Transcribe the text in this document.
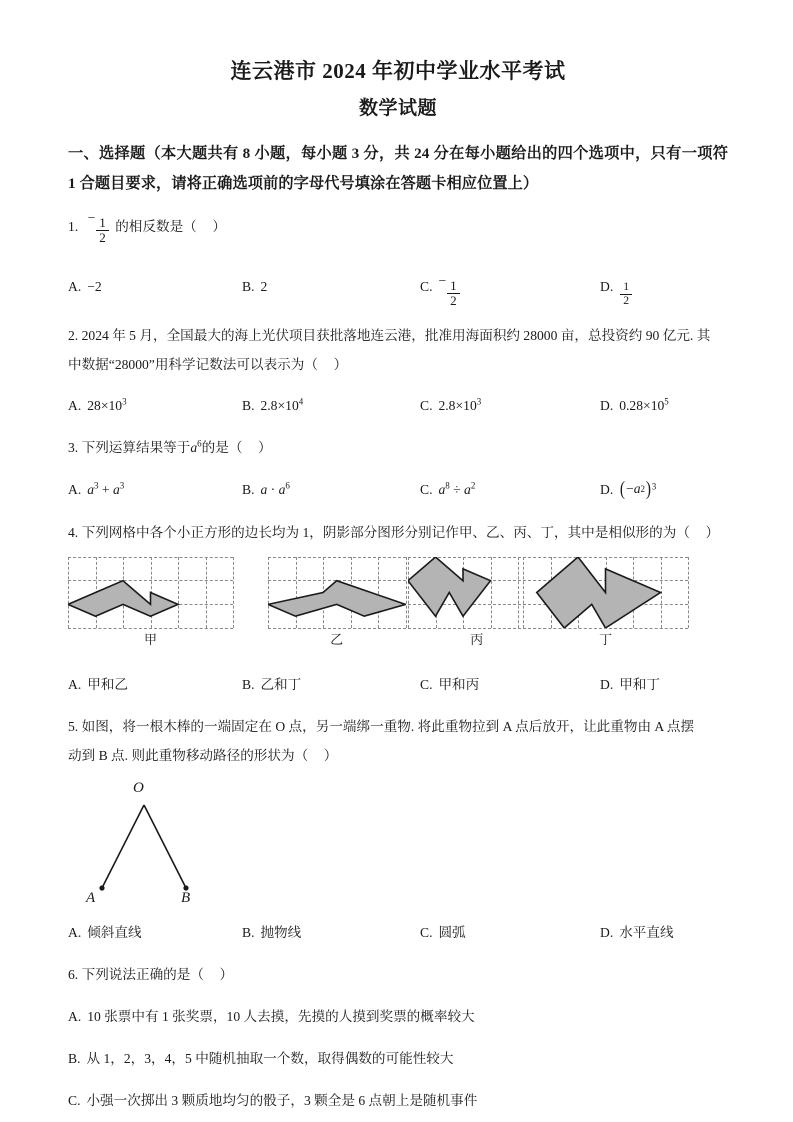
连云港市 2024 年初中学业水平考试
数学试题
一、选择题（本大题共有 8 小题，每小题 3 分，共 24 分在每小题给出的四个选项中，只有一项符 1 合题目要求，请将正确选项前的字母代号填涂在答题卡相应位置上）
1. − $\frac{1}{2}$ 的相反数是（ ）
A. −2	B. 2	C. − $\frac{1}{2}$	D. $\frac{1}{2}$
2. 2024 年 5 月，全国最大的海上光伏项目获批落地连云港，批准用海面积约 28000 亩，总投资约 90 亿元. 其
中数据“28000”用科学记数法可以表示为（ ）
A. $28\times 10^3$	B. $2.8\times 10^4$	C. $2.8\times 10^3$	D. $0.28\times 10^5$
3. 下列运算结果等于$a^6$的是（ ）
A. $a^3 + a^3$	B. $a \cdot a^6$	C. $a^8 \div a^2$	D. ( − a 2 ) $^3$
4. 下列网格中各个小正方形的边长均为 1，阴影部分图形分别记作甲、乙、丙、丁，其中是相似形的为（ ）
甲	乙	丙	丁
A. 甲和乙	B. 乙和丁	C. 甲和丙	D. 甲和丁
5. 如图，将一根木棒的一端固定在 O 点，另一端绑一重物. 将此重物拉到 A 点后放开，让此重物由 A 点摆
动到 B 点. 则此重物移动路径的形状为（ ）
O
A	B
A. 倾斜直线	B. 抛物线	C. 圆弧	D. 水平直线
6. 下列说法正确的是（ ）
A. 10 张票中有 1 张奖票，10 人去摸，先摸的人摸到奖票的概率较大
B. 从 1，2，3，4，5 中随机抽取一个数，取得偶数的可能性较大
C. 小强一次掷出 3 颗质地均匀的骰子，3 颗全是 6 点朝上是随机事件
